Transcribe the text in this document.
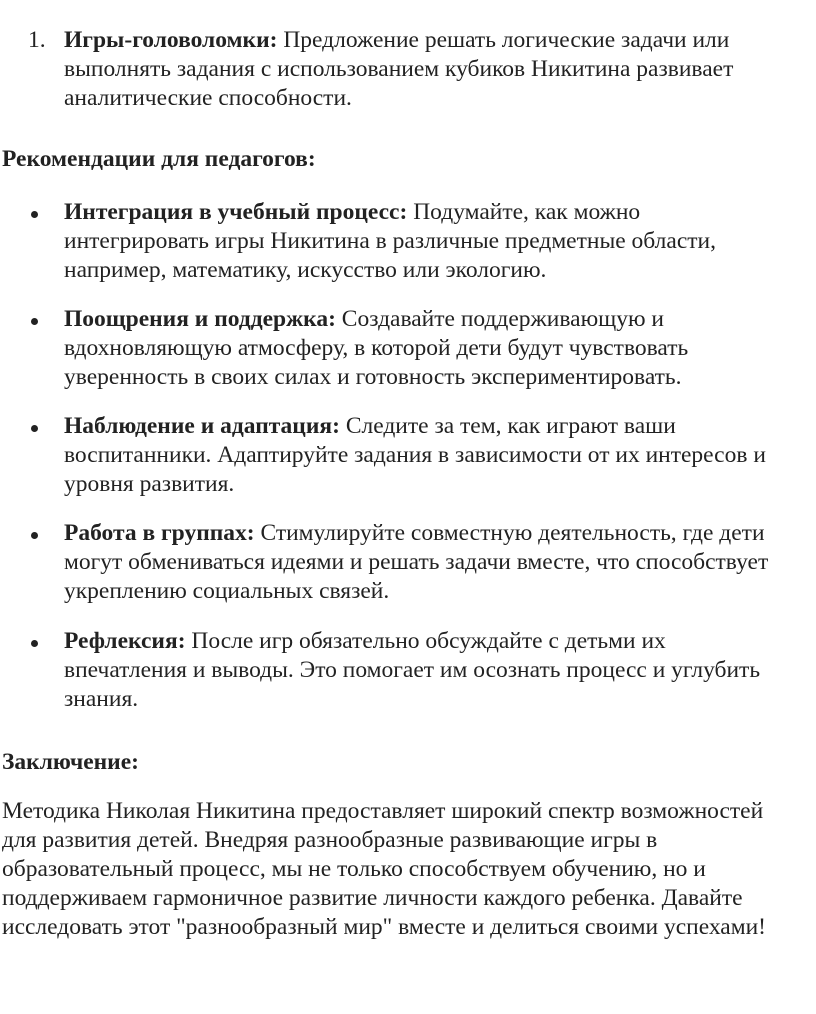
1. Игры-головоломки: Предложение решать логические задачи или
выполнять задания с использованием кубиков Никитина развивает
аналитические способности.
Рекомендации для педагогов:
Интеграция в учебный процесс: Подумайте, как можно
интегрировать игры Никитина в различные предметные области,
например, математику, искусство или экологию.
Поощрения и поддержка: Создавайте поддерживающую и
вдохновляющую атмосферу, в которой дети будут чувствовать
уверенность в своих силах и готовность экспериментировать.
Наблюдение и адаптация: Следите за тем, как играют ваши
воспитанники. Адаптируйте задания в зависимости от их интересов и
уровня развития.
Работа в группах: Стимулируйте совместную деятельность, где дети
могут обмениваться идеями и решать задачи вместе, что способствует
укреплению социальных связей.
Рефлексия: После игр обязательно обсуждайте с детьми их
впечатления и выводы. Это помогает им осознать процесс и углубить
знания.
Заключение:
Методика Николая Никитина предоставляет широкий спектр возможностей
для развития детей. Внедряя разнообразные развивающие игры в
образовательный процесс, мы не только способствуем обучению, но и
поддерживаем гармоничное развитие личности каждого ребенка. Давайте
исследовать этот "разнообразный мир" вместе и делиться своими успехами!
